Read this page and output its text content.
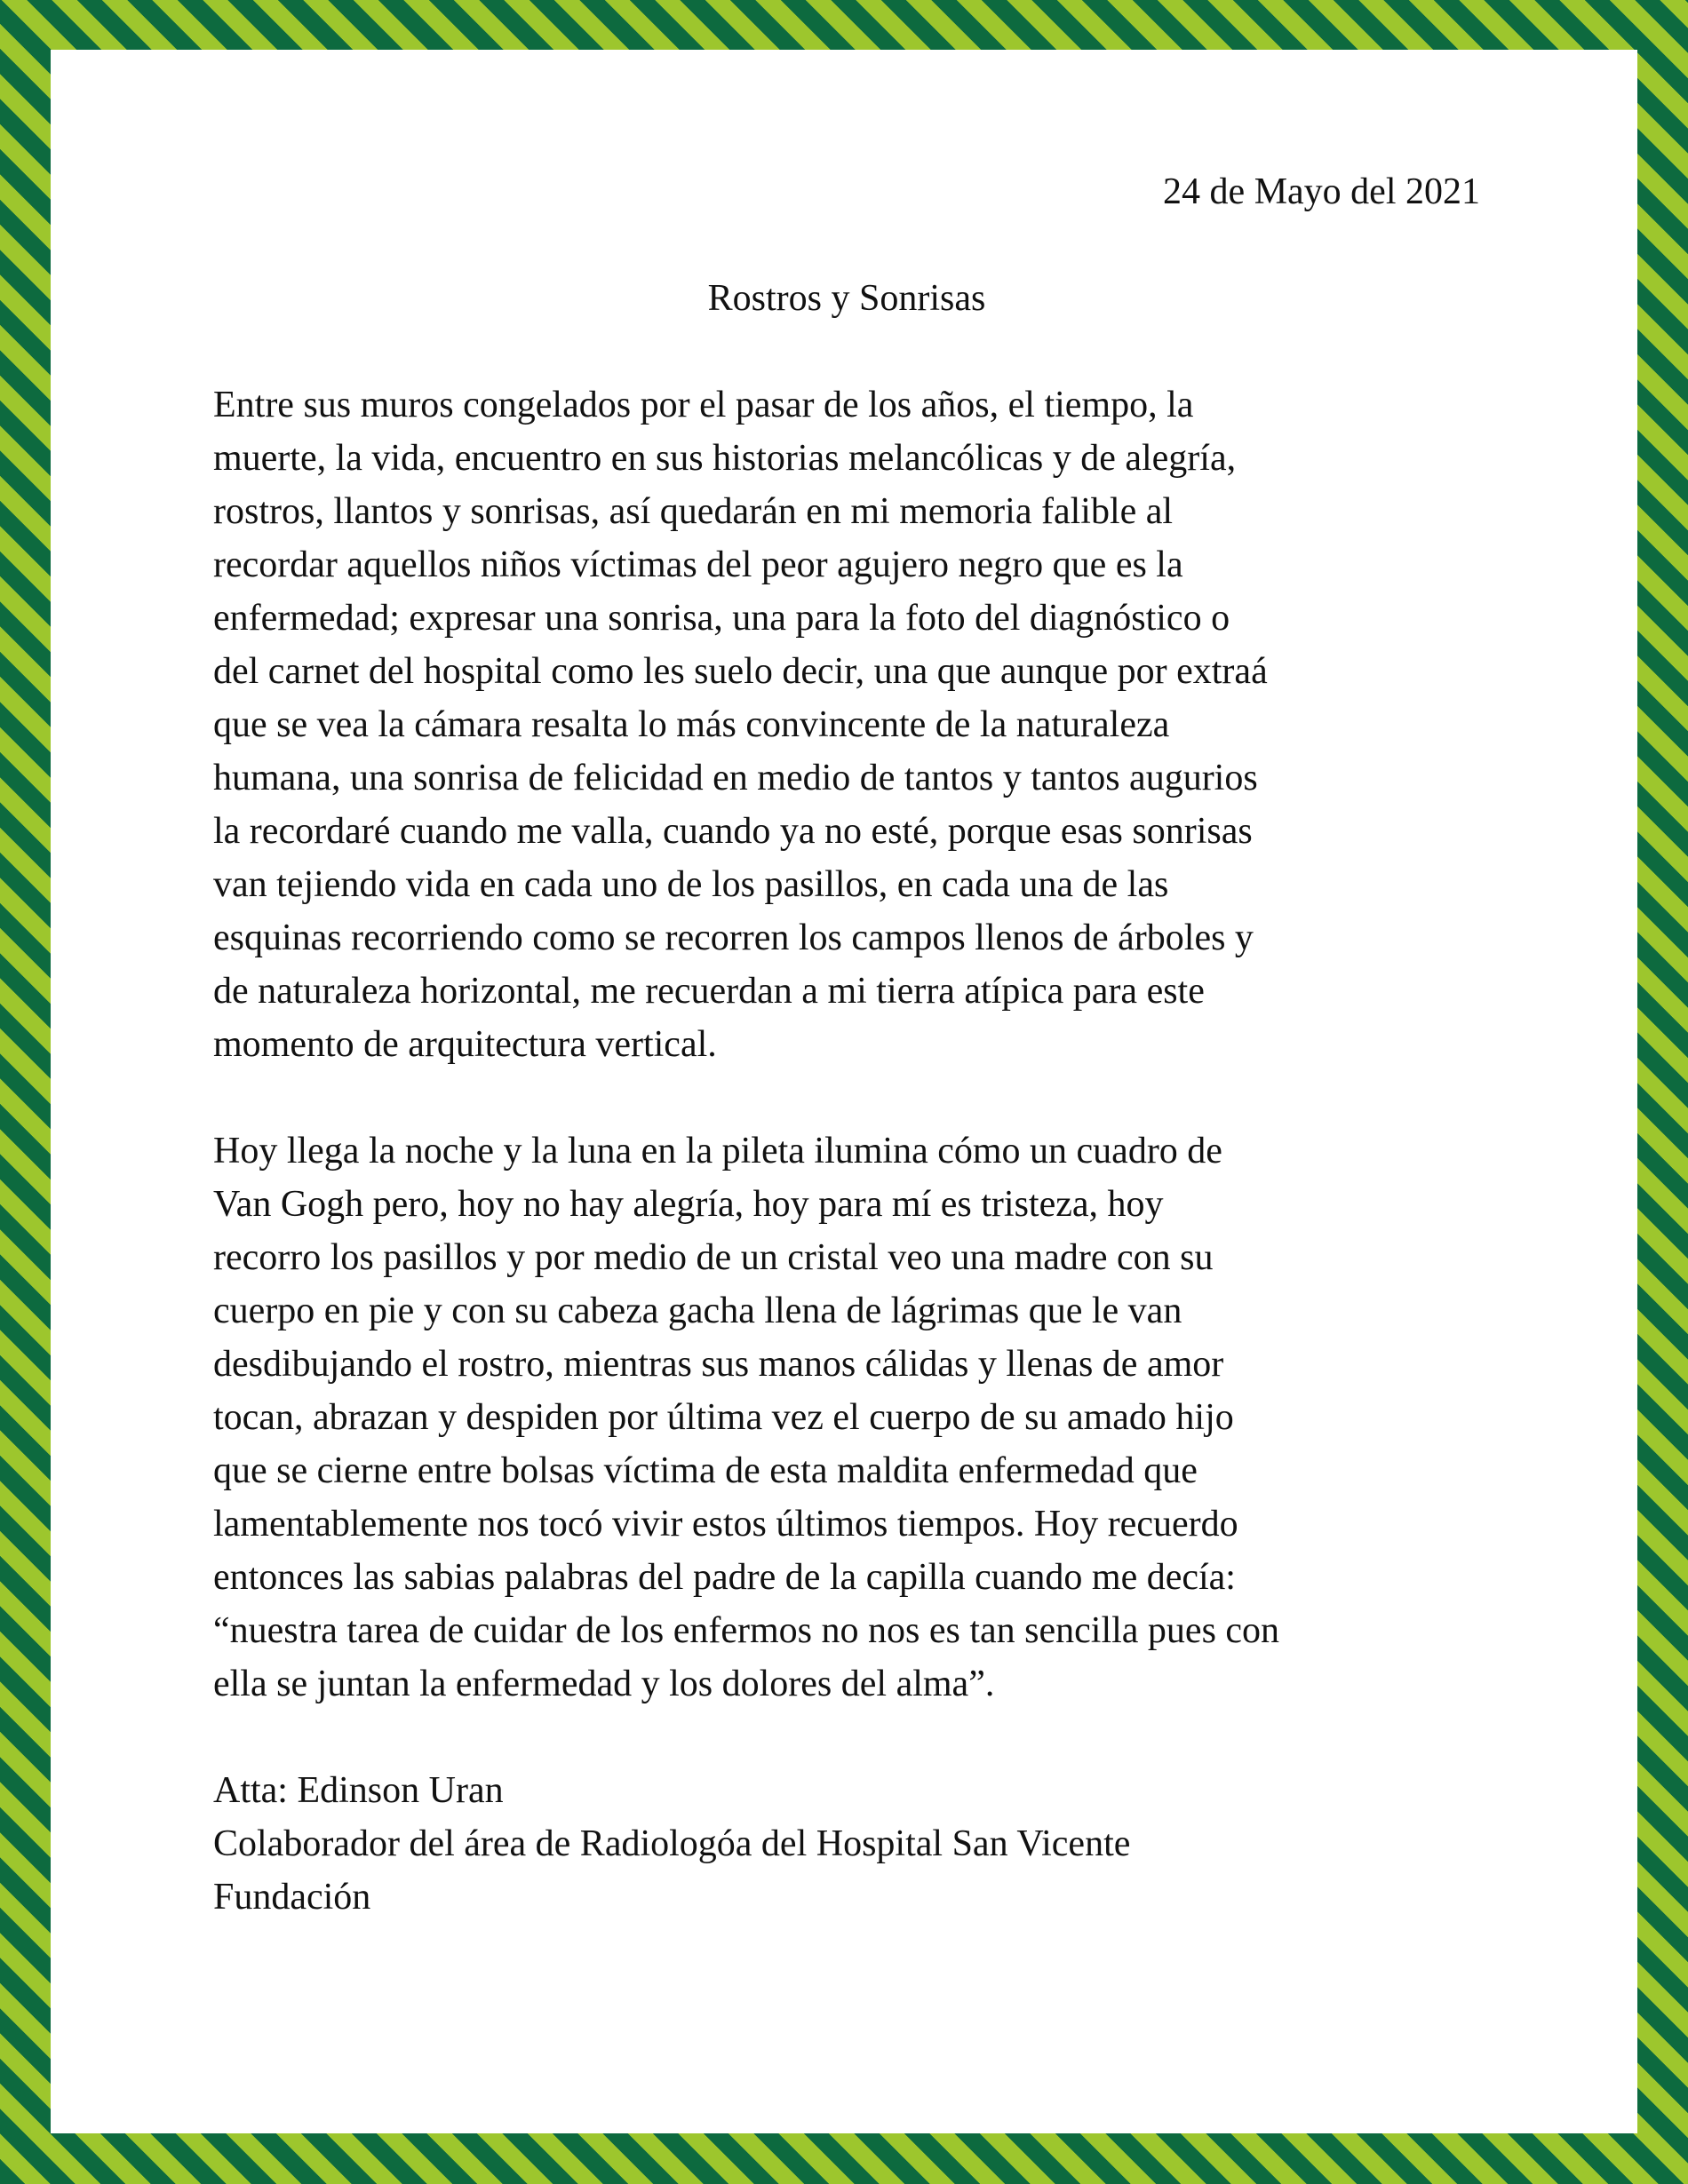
24 de Mayo del 2021

Rostros y Sonrisas

Entre sus muros congelados por el pasar de los años, el tiempo, la
muerte, la vida, encuentro en sus historias melancólicas y de alegría,
rostros, llantos y sonrisas, así quedarán en mi memoria falible al
recordar aquellos niños víctimas del peor agujero negro que es la
enfermedad; expresar una sonrisa, una para la foto del diagnóstico o
del carnet del hospital como les suelo decir, una que aunque por extraá
que se vea la cámara resalta lo más convincente de la naturaleza
humana, una sonrisa de felicidad en medio de tantos y tantos augurios
la recordaré cuando me valla, cuando ya no esté, porque esas sonrisas
van tejiendo vida en cada uno de los pasillos, en cada una de las
esquinas recorriendo como se recorren los campos llenos de árboles y
de naturaleza horizontal, me recuerdan a mi tierra atípica para este
momento de arquitectura vertical.

Hoy llega la noche y la luna en la pileta ilumina cómo un cuadro de
Van Gogh pero, hoy no hay alegría, hoy para mí es tristeza, hoy
recorro los pasillos y por medio de un cristal veo una madre con su
cuerpo en pie y con su cabeza gacha llena de lágrimas que le van
desdibujando el rostro, mientras sus manos cálidas y llenas de amor
tocan, abrazan y despiden por última vez el cuerpo de su amado hijo
que se cierne entre bolsas víctima de esta maldita enfermedad que
lamentablemente nos tocó vivir estos últimos tiempos. Hoy recuerdo
entonces las sabias palabras del padre de la capilla cuando me decía:
“nuestra tarea de cuidar de los enfermos no nos es tan sencilla pues con
ella se juntan la enfermedad y los dolores del alma”.

Atta: Edinson Uran
Colaborador del área de Radiologóa del Hospital San Vicente
Fundación
